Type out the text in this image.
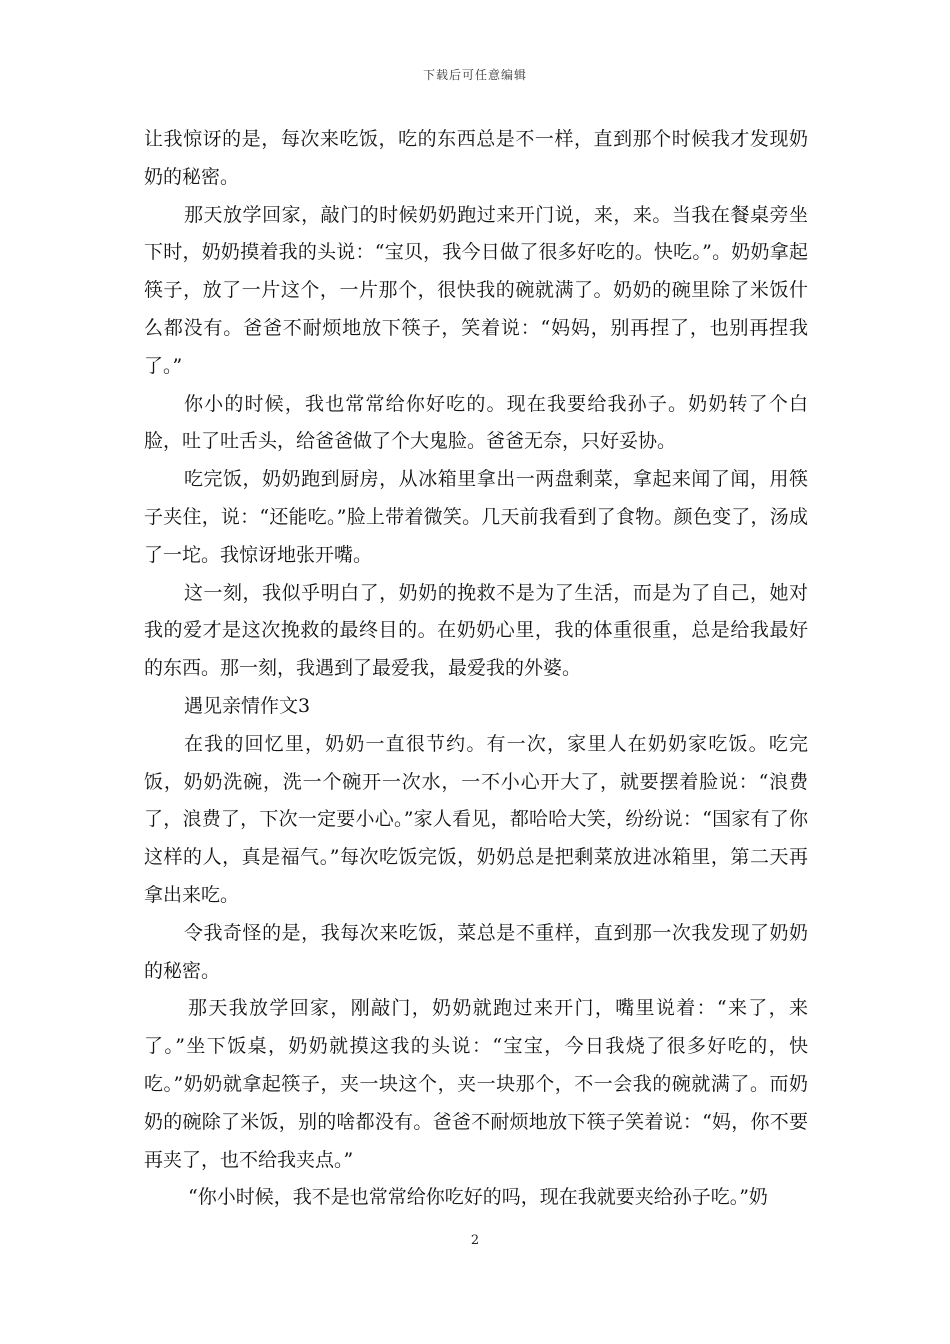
下载后可任意编辑

让我惊讶的是，每次来吃饭，吃的东西总是不一样，直到那个时候我才发现奶奶的秘密。

那天放学回家，敲门的时候奶奶跑过来开门说，来，来。当我在餐桌旁坐下时，奶奶摸着我的头说：“宝贝，我今日做了很多好吃的。快吃。”。奶奶拿起筷子，放了一片这个，一片那个，很快我的碗就满了。奶奶的碗里除了米饭什么都没有。爸爸不耐烦地放下筷子，笑着说：“妈妈，别再捏了，也别再捏我了。”

你小的时候，我也常常给你好吃的。现在我要给我孙子。奶奶转了个白脸，吐了吐舌头，给爸爸做了个大鬼脸。爸爸无奈，只好妥协。

吃完饭，奶奶跑到厨房，从冰箱里拿出一两盘剩菜，拿起来闻了闻，用筷子夹住，说：“还能吃。”脸上带着微笑。几天前我看到了食物。颜色变了，汤成了一坨。我惊讶地张开嘴。

这一刻，我似乎明白了，奶奶的挽救不是为了生活，而是为了自己，她对我的爱才是这次挽救的最终目的。在奶奶心里，我的体重很重，总是给我最好的东西。那一刻，我遇到了最爱我，最爱我的外婆。

遇见亲情作文3

在我的回忆里，奶奶一直很节约。有一次，家里人在奶奶家吃饭。吃完饭，奶奶洗碗，洗一个碗开一次水，一不小心开大了，就要摆着脸说：“浪费了，浪费了，下次一定要小心。”家人看见，都哈哈大笑，纷纷说：“国家有了你这样的人，真是福气。”每次吃饭完饭，奶奶总是把剩菜放进冰箱里，第二天再拿出来吃。

令我奇怪的是，我每次来吃饭，菜总是不重样，直到那一次我发现了奶奶的秘密。

那天我放学回家，刚敲门，奶奶就跑过来开门，嘴里说着：“来了，来了。”坐下饭桌，奶奶就摸这我的头说：“宝宝，今日我烧了很多好吃的，快吃。”奶奶就拿起筷子，夹一块这个，夹一块那个，不一会我的碗就满了。而奶奶的碗除了米饭，别的啥都没有。爸爸不耐烦地放下筷子笑着说：“妈，你不要再夹了，也不给我夹点。”

“你小时候，我不是也常常给你吃好的吗，现在我就要夹给孙子吃。”奶

2
